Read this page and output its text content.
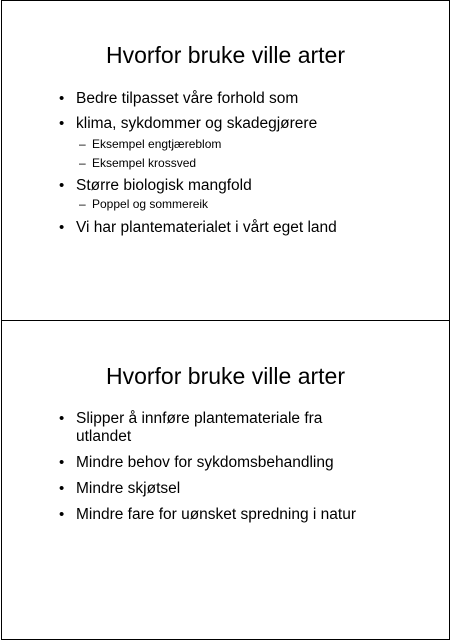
Hvorfor bruke ville arter
• Bedre tilpasset våre forhold som
• klima, sykdommer og skadegjørere
– Eksempel engtjæreblom
– Eksempel krossved
• Større biologisk mangfold
– Poppel og sommereik
• Vi har plantematerialet i vårt eget land
Hvorfor bruke ville arter
• Slipper å innføre plantemateriale fra
utlandet
• Mindre behov for sykdomsbehandling
• Mindre skjøtsel
• Mindre fare for uønsket spredning i natur
